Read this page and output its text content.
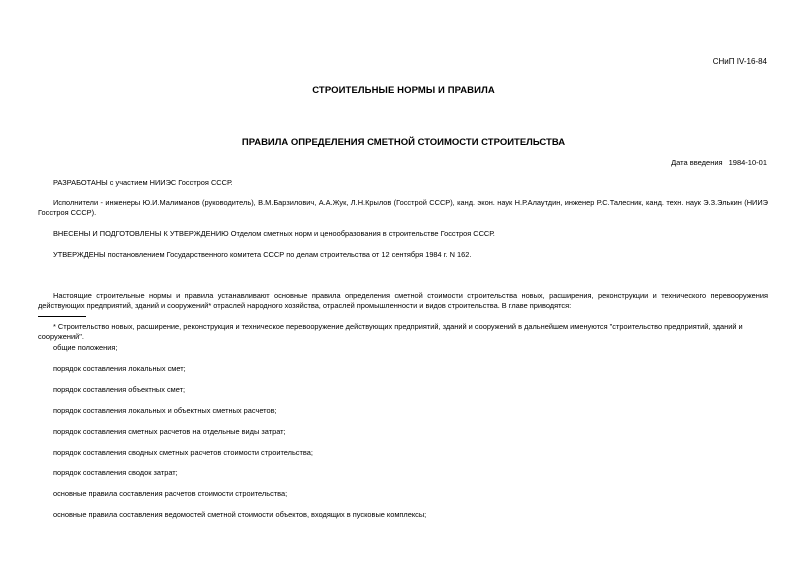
СНиП IV-16-84
СТРОИТЕЛЬНЫЕ НОРМЫ И ПРАВИЛА
ПРАВИЛА ОПРЕДЕЛЕНИЯ СМЕТНОЙ СТОИМОСТИ СТРОИТЕЛЬСТВА
Дата введения 1984-10-01
РАЗРАБОТАНЫ с участием НИИЭС Госстроя СССР.
Исполнители - инженеры Ю.И.Малиманов (руководитель), В.М.Барзилович, А.А.Жук, Л.Н.Крылов (Госстрой СССР), канд. экон. наук Н.Р.Алаутдин, инженер Р.С.Талесник, канд. техн. наук Э.З.Элькин (НИИЭ Госстроя СССР).
ВНЕСЕНЫ И ПОДГОТОВЛЕНЫ К УТВЕРЖДЕНИЮ Отделом сметных норм и ценообразования в строительстве Госстроя СССР.
УТВЕРЖДЕНЫ постановлением Государственного комитета СССР по делам строительства от 12 сентября 1984 г. N 162.
Настоящие строительные нормы и правила устанавливают основные правила определения сметной стоимости строительства новых, расширения, реконструкции и технического перевооружения действующих предприятий, зданий и сооружений* отраслей народного хозяйства, отраслей промышленности и видов строительства. В главе приводятся:
* Строительство новых, расширение, реконструкция и техническое перевооружение действующих предприятий, зданий и сооружений в дальнейшем именуются "строительство предприятий, зданий и сооружений".
общие положения;
порядок составления локальных смет;
порядок составления объектных смет;
порядок составления локальных и объектных сметных расчетов;
порядок составления сметных расчетов на отдельные виды затрат;
порядок составления сводных сметных расчетов стоимости строительства;
порядок составления сводок затрат;
основные правила составления расчетов стоимости строительства;
основные правила составления ведомостей сметной стоимости объектов, входящих в пусковые комплексы;
